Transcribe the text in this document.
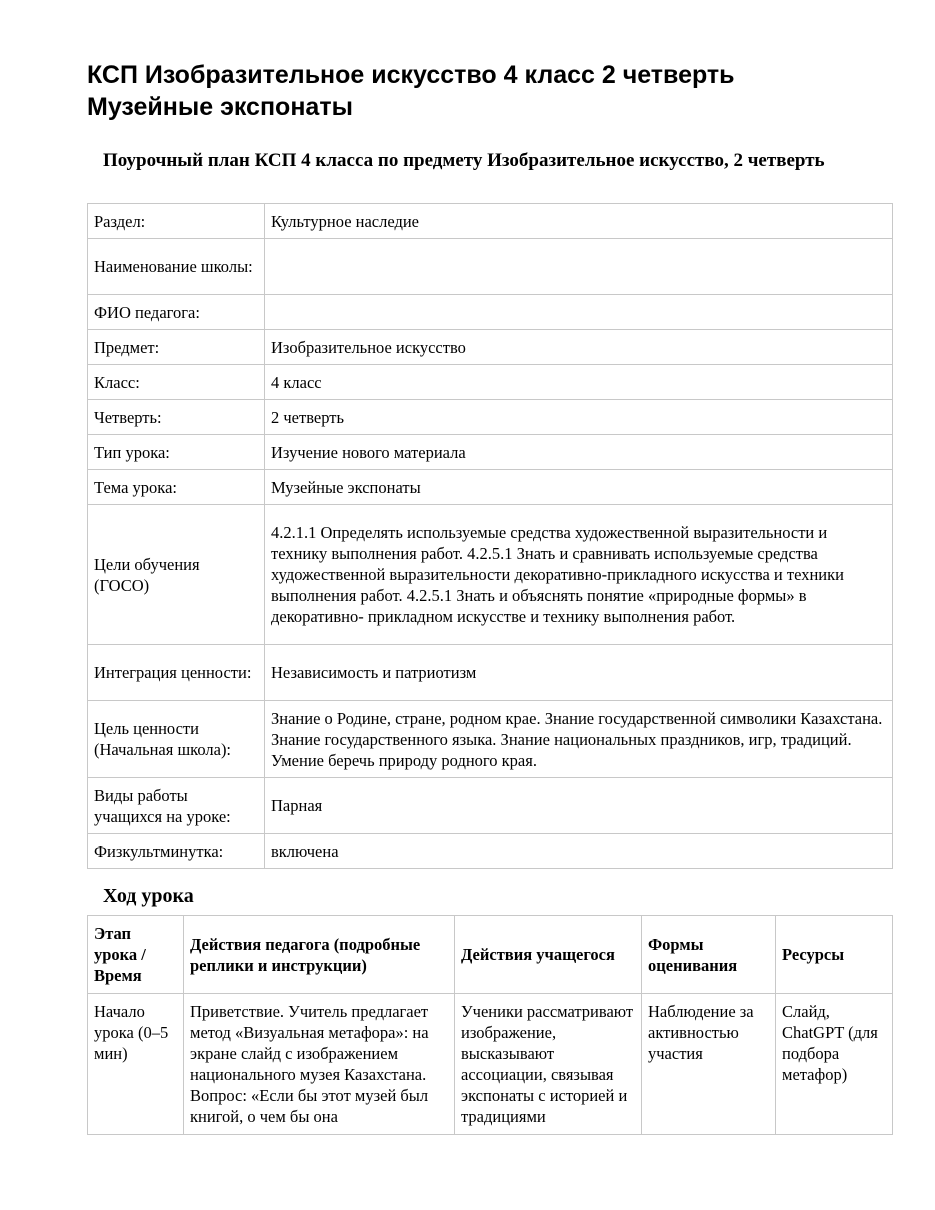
КСП Изобразительное искусство 4 класс 2 четверть
Музейные экспонаты
Поурочный план КСП 4 класса по предмету Изобразительное искусство, 2 четверть
Раздел:	Культурное наследие
Наименование школы:	
ФИО педагога:	
Предмет:	Изобразительное искусство
Класс:	4 класс
Четверть:	2 четверть
Тип урока:	Изучение нового материала
Тема урока:	Музейные экспонаты
Цели обучения (ГОСО)	4.2.1.1 Определять используемые средства художественной выразительности и технику выполнения работ. 4.2.5.1 Знать и сравнивать используемые средства художественной выразительности декоративно-прикладного искусства и техники выполнения работ. 4.2.5.1 Знать и объяснять понятие «природные формы» в декоративно- прикладном искусстве и технику выполнения работ.
Интеграция ценности:	Независимость и патриотизм
Цель ценности (Начальная школа):	Знание о Родине, стране, родном крае. Знание государственной символики Казахстана. Знание государственного языка. Знание национальных праздников, игр, традиций. Умение беречь природу родного края.
Виды работы учащихся на уроке:	Парная
Физкультминутка:	включена
Ход урока
Этап урока / Время	Действия педагога (подробные реплики и инструкции)	Действия учащегося	Формы оценивания	Ресурсы
Начало урока (0–5 мин)	Приветствие. Учитель предлагает метод «Визуальная метафора»: на экране слайд с изображением национального музея Казахстана. Вопрос: «Если бы этот музей был книгой, о чем бы она	Ученики рассматривают изображение, высказывают ассоциации, связывая экспонаты с историей и традициями	Наблюдение за активностью участия	Слайд, ChatGPT (для подбора метафор)
